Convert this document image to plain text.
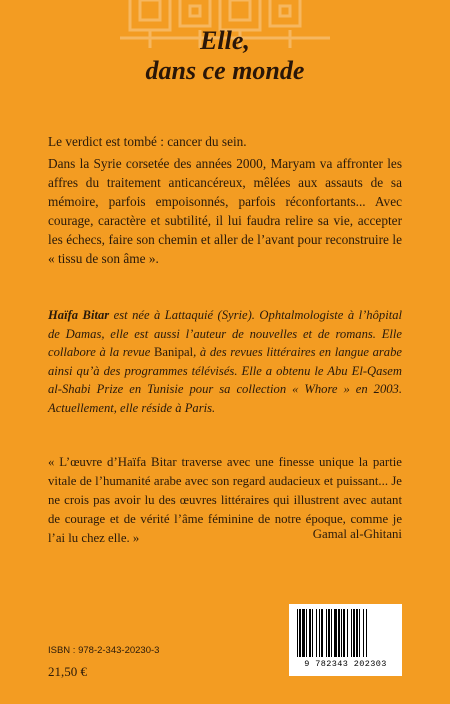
Elle,
dans ce monde
Le verdict est tombé : cancer du sein.
Dans la Syrie corsetée des années 2000, Maryam va affronter les affres du traitement anticancéreux, mêlées aux assauts de sa mémoire, parfois empoisonnés, parfois réconfortants... Avec courage, caractère et subtilité, il lui faudra relire sa vie, accepter les échecs, faire son chemin et aller de l’avant pour reconstruire le « tissu de son âme ».
Haïfa Bitar est née à Lattaquié (Syrie). Ophtalmologiste à l’hôpital de Damas, elle est aussi l’auteur de nouvelles et de romans. Elle collabore à la revue Banipal, à des revues littéraires en langue arabe ainsi qu’à des programmes télévisés. Elle a obtenu le Abu El-Qasem al-Shabi Prize en Tunisie pour sa collection « Whore » en 2003. Actuellement, elle réside à Paris.
« L’œuvre d’Haïfa Bitar traverse avec une finesse unique la partie vitale de l’humanité arabe avec son regard audacieux et puissant... Je ne crois pas avoir lu des œuvres littéraires qui illustrent avec autant de courage et de vérité l’âme féminine de notre époque, comme je l’ai lu chez elle. »	Gamal al-Ghitani
ISBN : 978-2-343-20230-3
21,50 €	9 782343 202303
